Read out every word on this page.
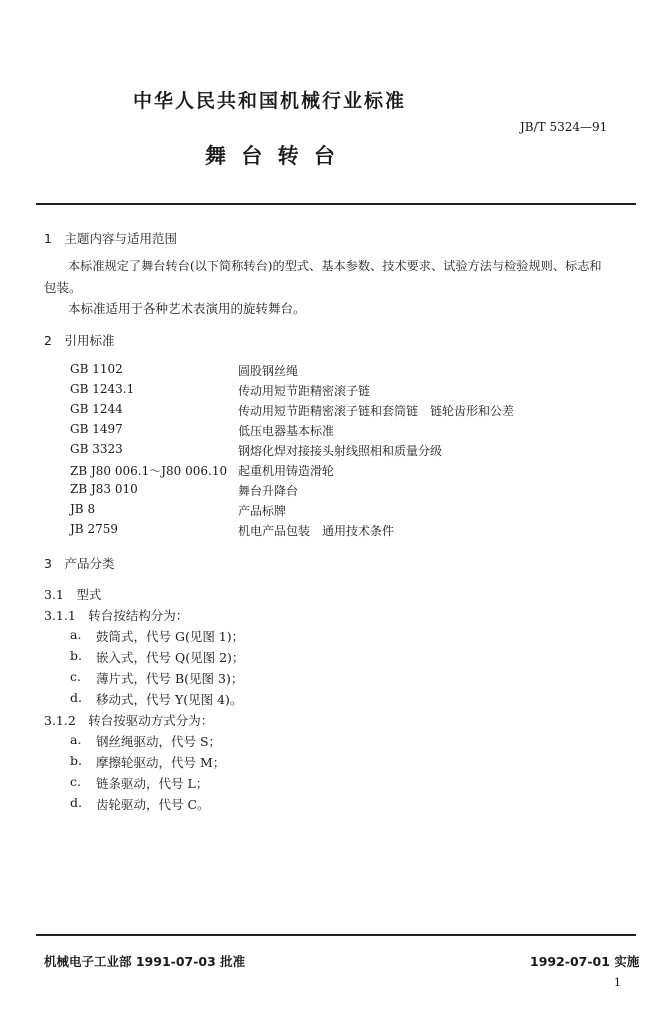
中华人民共和国机械行业标准
JB/T 5324—91
舞 台 转 台
1　主题内容与适用范围
本标准规定了舞台转台(以下简称转台)的型式、基本参数、技术要求、试验方法与检验规则、标志和
包装。
本标准适用于各种艺术表演用的旋转舞台。
2　引用标准
GB 1102	圆股钢丝绳
GB 1243.1	传动用短节距精密滚子链
GB 1244	传动用短节距精密滚子链和套筒链　链轮齿形和公差
GB 1497	低压电器基本标准
GB 3323	钢熔化焊对接接头射线照相和质量分级
ZB J80 006.1～J80 006.10 起重机用铸造滑轮
ZB J83 010	舞台升降台
JB 8	产品标牌
JB 2759	机电产品包装　通用技术条件
3　产品分类
3.1　型式
3.1.1　转台按结构分为：
a. 鼓筒式，代号 G(见图 1)；
b. 嵌入式，代号 Q(见图 2)；
c. 薄片式，代号 B(见图 3)；
d. 移动式，代号 Y(见图 4)。
3.1.2　转台按驱动方式分为：
a. 钢丝绳驱动，代号 S；
b. 摩擦轮驱动，代号 M；
c. 链条驱动，代号 L；
d. 齿轮驱动，代号 C。
机械电子工业部 1991-07-03 批准	1992-07-01 实施
1
